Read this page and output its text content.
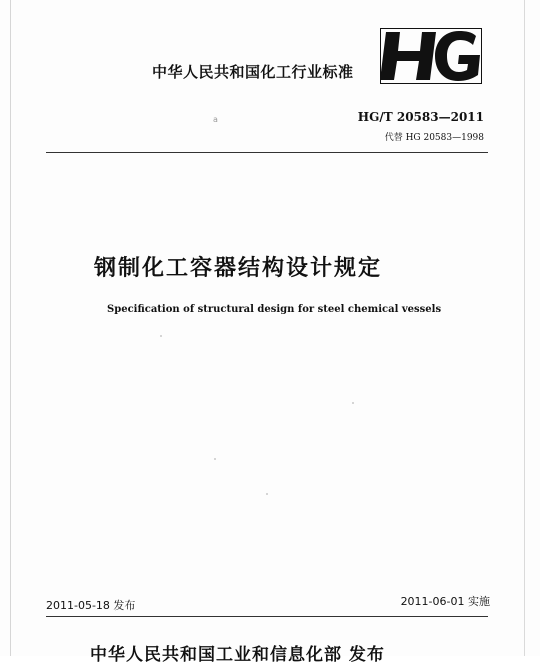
中华人民共和国化工行业标准
a	HG/T 20583—2011
代替 HG 20583—1998
钢制化工容器结构设计规定
Specification of structural design for steel chemical vessels
2011-05-18 发布	2011-06-01 实施
中华人民共和国工业和信息化部 发布
